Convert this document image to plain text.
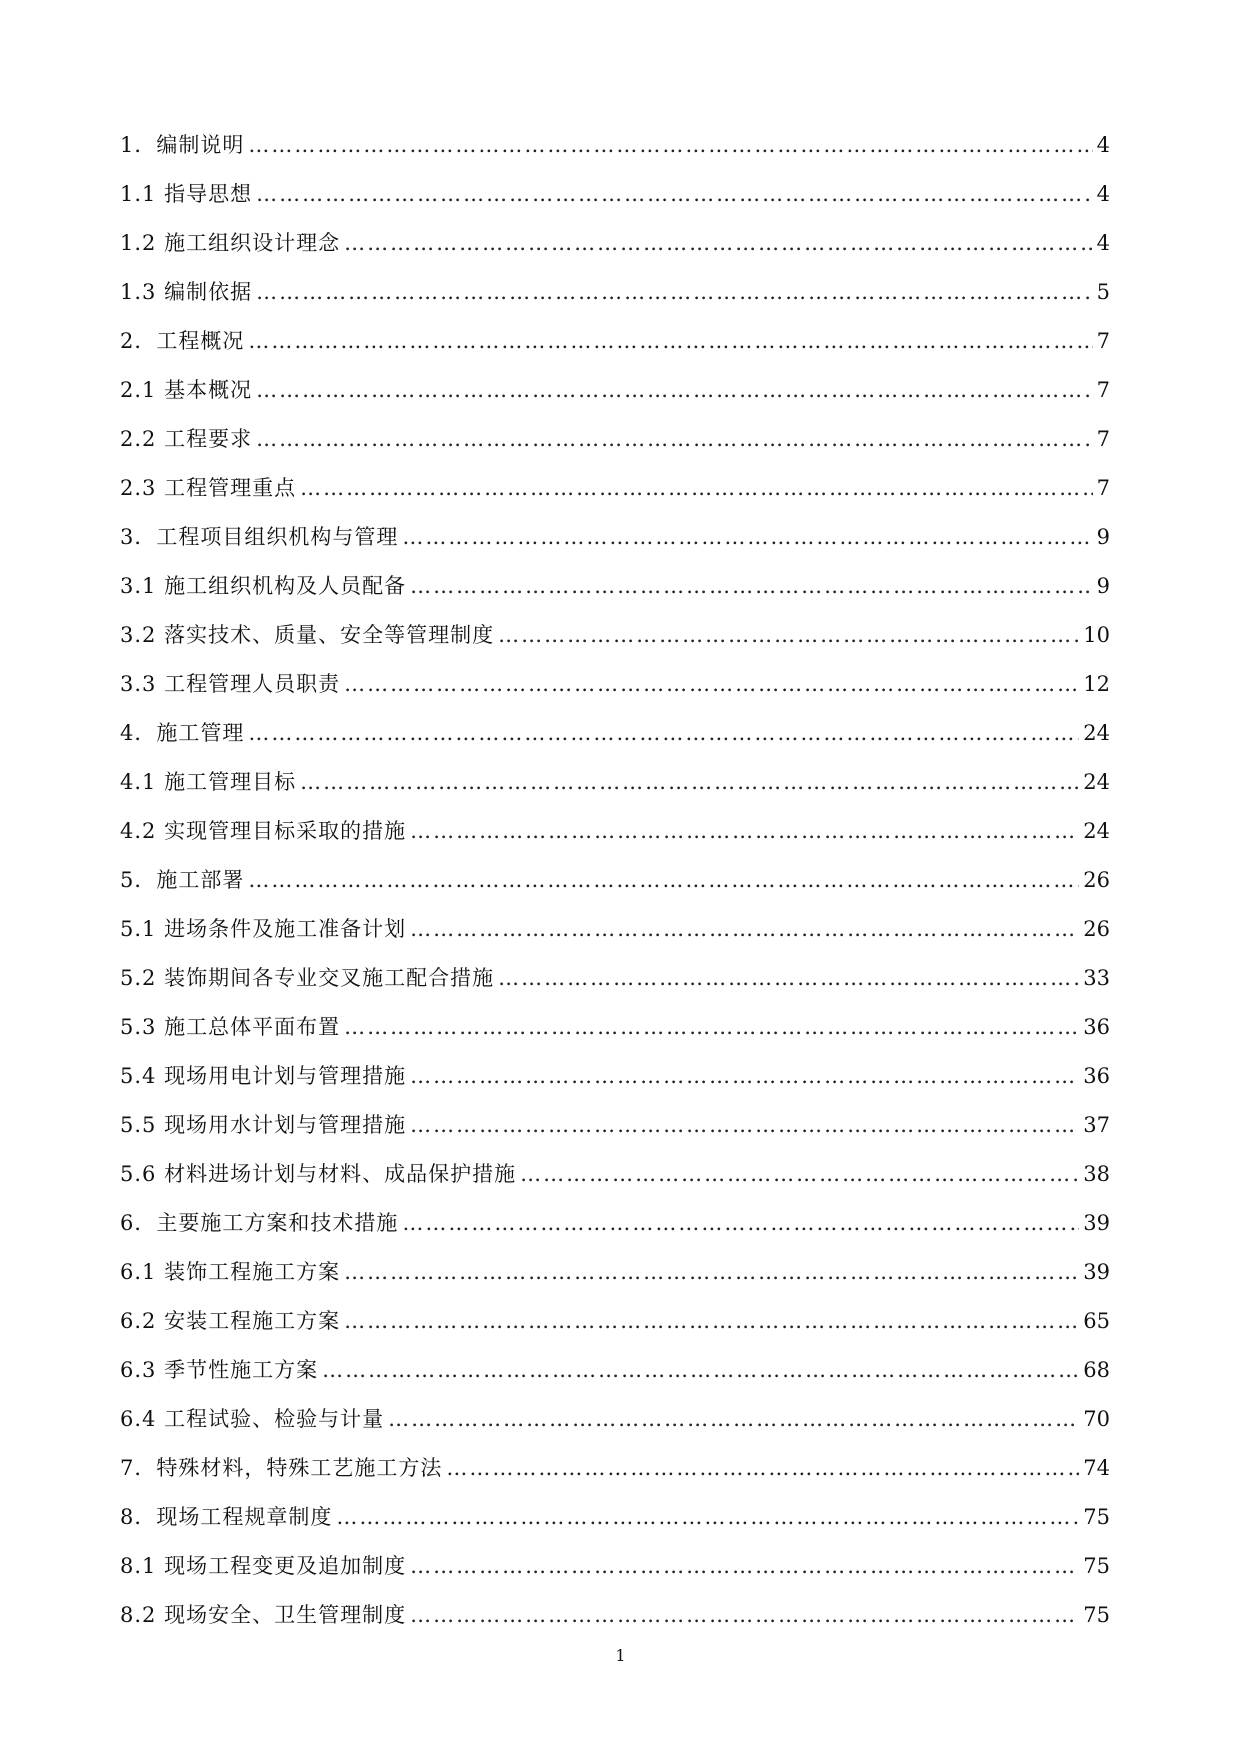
1．编制说明 ……………………………………………………………………………………………………………………………………………………………………………………	4
1.1 指导思想 ……………………………………………………………………………………………………………………………………………………………………………………	4
1.2 施工组织设计理念 ……………………………………………………………………………………………………………………………………………………………………………………	4
1.3 编制依据 ……………………………………………………………………………………………………………………………………………………………………………………	5
2．工程概况 ……………………………………………………………………………………………………………………………………………………………………………………	7
2.1 基本概况 ……………………………………………………………………………………………………………………………………………………………………………………	7
2.2 工程要求 ……………………………………………………………………………………………………………………………………………………………………………………	7
2.3 工程管理重点 ……………………………………………………………………………………………………………………………………………………………………………………	7
3．工程项目组织机构与管理 ……………………………………………………………………………………………………………………………………………………………………………………	9
3.1 施工组织机构及人员配备 ……………………………………………………………………………………………………………………………………………………………………………………	9
3.2 落实技术、质量、安全等管理制度 ……………………………………………………………………………………………………………………………………………………………………………………	10
3.3 工程管理人员职责 ……………………………………………………………………………………………………………………………………………………………………………………	12
4．施工管理 ……………………………………………………………………………………………………………………………………………………………………………………	24
4.1 施工管理目标 ……………………………………………………………………………………………………………………………………………………………………………………	24
4.2 实现管理目标采取的措施 ……………………………………………………………………………………………………………………………………………………………………………………	24
5．施工部署 ……………………………………………………………………………………………………………………………………………………………………………………	26
5.1 进场条件及施工准备计划 ……………………………………………………………………………………………………………………………………………………………………………………	26
5.2 装饰期间各专业交叉施工配合措施 ……………………………………………………………………………………………………………………………………………………………………………………	33
5.3 施工总体平面布置 ……………………………………………………………………………………………………………………………………………………………………………………	36
5.4 现场用电计划与管理措施 ……………………………………………………………………………………………………………………………………………………………………………………	36
5.5 现场用水计划与管理措施 ……………………………………………………………………………………………………………………………………………………………………………………	37
5.6 材料进场计划与材料、成品保护措施 ……………………………………………………………………………………………………………………………………………………………………………………	38
6．主要施工方案和技术措施 ……………………………………………………………………………………………………………………………………………………………………………………	39
6.1 装饰工程施工方案 ……………………………………………………………………………………………………………………………………………………………………………………	39
6.2 安装工程施工方案 ……………………………………………………………………………………………………………………………………………………………………………………	65
6.3 季节性施工方案 ……………………………………………………………………………………………………………………………………………………………………………………	68
6.4 工程试验、检验与计量 ……………………………………………………………………………………………………………………………………………………………………………………	70
7．特殊材料，特殊工艺施工方法 ……………………………………………………………………………………………………………………………………………………………………………………	74
8．现场工程规章制度 ……………………………………………………………………………………………………………………………………………………………………………………	75
8.1 现场工程变更及追加制度 ……………………………………………………………………………………………………………………………………………………………………………………	75
8.2 现场安全、卫生管理制度 ……………………………………………………………………………………………………………………………………………………………………………………	75
1
